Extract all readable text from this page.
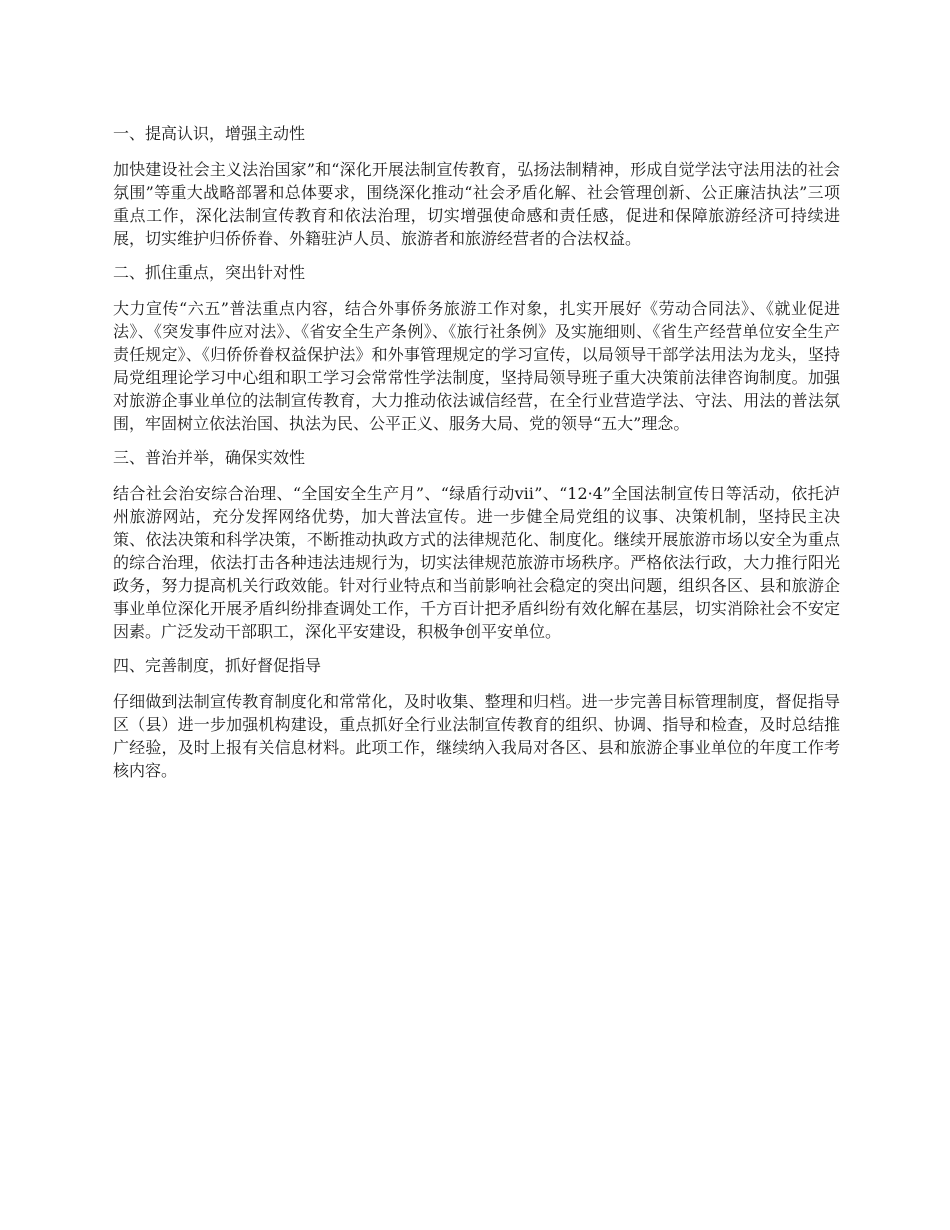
一、提高认识，增强主动性

加快建设社会主义法治国家”和“深化开展法制宣传教育，弘扬法制精神，形成自觉学法守法用法的社会氛围”等重大战略部署和总体要求，围绕深化推动“社会矛盾化解、社会管理创新、公正廉洁执法”三项重点工作，深化法制宣传教育和依法治理，切实增强使命感和责任感，促进和保障旅游经济可持续进展，切实维护归侨侨眷、外籍驻泸人员、旅游者和旅游经营者的合法权益。

二、抓住重点，突出针对性

大力宣传“六五”普法重点内容，结合外事侨务旅游工作对象，扎实开展好《劳动合同法》、《就业促进法》、《突发事件应对法》、《省安全生产条例》、《旅行社条例》及实施细则、《省生产经营单位安全生产责任规定》、《归侨侨眷权益保护法》和外事管理规定的学习宣传，以局领导干部学法用法为龙头，坚持局党组理论学习中心组和职工学习会常常性学法制度，坚持局领导班子重大决策前法律咨询制度。加强对旅游企事业单位的法制宣传教育，大力推动依法诚信经营，在全行业营造学法、守法、用法的普法氛围，牢固树立依法治国、执法为民、公平正义、服务大局、党的领导“五大”理念。

三、普治并举，确保实效性

结合社会治安综合治理、“全国安全生产月”、“绿盾行动ⅶ”、“12·4”全国法制宣传日等活动，依托泸州旅游网站，充分发挥网络优势，加大普法宣传。进一步健全局党组的议事、决策机制，坚持民主决策、依法决策和科学决策，不断推动执政方式的法律规范化、制度化。继续开展旅游市场以安全为重点的综合治理，依法打击各种违法违规行为，切实法律规范旅游市场秩序。严格依法行政，大力推行阳光政务，努力提高机关行政效能。针对行业特点和当前影响社会稳定的突出问题，组织各区、县和旅游企事业单位深化开展矛盾纠纷排查调处工作，千方百计把矛盾纠纷有效化解在基层，切实消除社会不安定因素。广泛发动干部职工，深化平安建设，积极争创平安单位。

四、完善制度，抓好督促指导

仔细做到法制宣传教育制度化和常常化，及时收集、整理和归档。进一步完善目标管理制度，督促指导区（县）进一步加强机构建设，重点抓好全行业法制宣传教育的组织、协调、指导和检查，及时总结推广经验，及时上报有关信息材料。此项工作，继续纳入我局对各区、县和旅游企事业单位的年度工作考核内容。
